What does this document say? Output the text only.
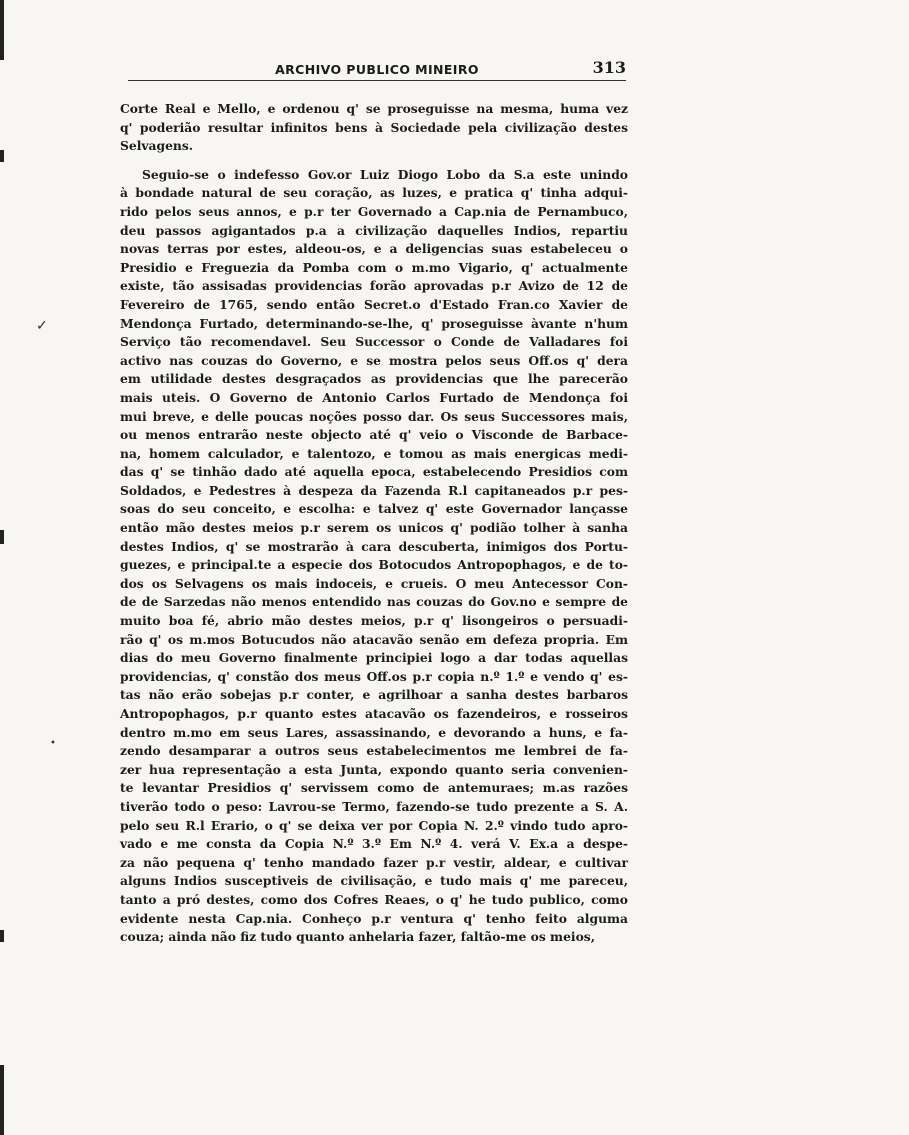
✓
•
ARCHIVO PUBLICO MINEIRO	313
Corte Real e Mello, e ordenou q' se proseguisse na mesma, huma vez
q' poderião resultar infinitos bens à Sociedade pela civilização destes
Selvagens.
Seguio-se o indefesso Gov.or Luiz Diogo Lobo da S.a este unindo
à bondade natural de seu coração, as luzes, e pratica q' tinha adqui-
rido pelos seus annos, e p.r ter Governado a Cap.nia de Pernambuco,
deu passos agigantados p.a a civilização daquelles Indios, repartiu
novas terras por estes, aldeou-os, e a deligencias suas estabeleceu o
Presidio e Freguezia da Pomba com o m.mo Vigario, q' actualmente
existe, tão assisadas providencias forão aprovadas p.r Avizo de 12 de
Fevereiro de 1765, sendo então Secret.o d'Estado Fran.co Xavier de
Mendonça Furtado, determinando-se-lhe, q' proseguisse àvante n'hum
Serviço tão recomendavel. Seu Successor o Conde de Valladares foi
activo nas couzas do Governo, e se mostra pelos seus Off.os q' dera
em utilidade destes desgraçados as providencias que lhe parecerão
mais uteis. O Governo de Antonio Carlos Furtado de Mendonça foi
mui breve, e delle poucas noções posso dar. Os seus Successores mais,
ou menos entrarão neste objecto até q' veio o Visconde de Barbace-
na, homem calculador, e talentozo, e tomou as mais energicas medi-
das q' se tinhão dado até aquella epoca, estabelecendo Presidios com
Soldados, e Pedestres à despeza da Fazenda R.l capitaneados p.r pes-
soas do seu conceito, e escolha: e talvez q' este Governador lançasse
então mão destes meios p.r serem os unicos q' podião tolher à sanha
destes Indios, q' se mostrarão à cara descuberta, inimigos dos Portu-
guezes, e principal.te a especie dos Botocudos Antropophagos, e de to-
dos os Selvagens os mais indoceis, e crueis. O meu Antecessor Con-
de de Sarzedas não menos entendido nas couzas do Gov.no e sempre de
muito boa fé, abrio mão destes meios, p.r q' lisongeiros o persuadi-
rão q' os m.mos Botucudos não atacavão senão em defeza propria. Em
dias do meu Governo finalmente principiei logo a dar todas aquellas
providencias, q' constão dos meus Off.os p.r copia n.º 1.º e vendo q' es-
tas não erão sobejas p.r conter, e agrilhoar a sanha destes barbaros
Antropophagos, p.r quanto estes atacavão os fazendeiros, e rosseiros
dentro m.mo em seus Lares, assassinando, e devorando a huns, e fa-
zendo desamparar a outros seus estabelecimentos me lembrei de fa-
zer hua representação a esta Junta, expondo quanto seria convenien-
te levantar Presidios q' servissem como de antemuraes; m.as razões
tiverão todo o peso: Lavrou-se Termo, fazendo-se tudo prezente a S. A.
pelo seu R.l Erario, o q' se deixa ver por Copia N. 2.º vindo tudo apro-
vado e me consta da Copia N.º 3.º Em N.º 4. verá V. Ex.a a despe-
za não pequena q' tenho mandado fazer p.r vestir, aldear, e cultivar
alguns Indios susceptiveis de civilisação, e tudo mais q' me pareceu,
tanto a pró destes, como dos Cofres Reaes, o q' he tudo publico, como
evidente nesta Cap.nia. Conheço p.r ventura q' tenho feito alguma
couza; ainda não fiz tudo quanto anhelaria fazer, faltão-me os meios,
